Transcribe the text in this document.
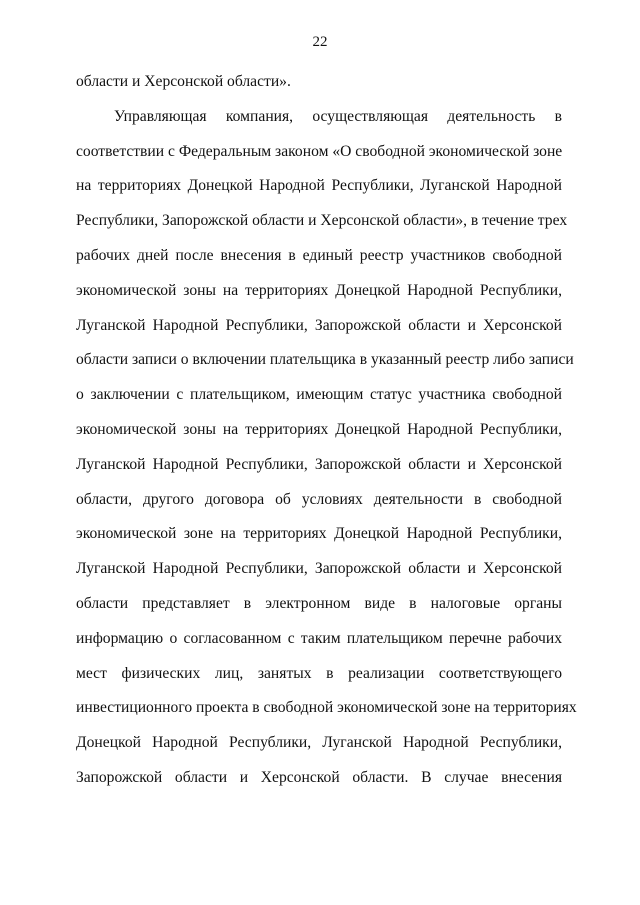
22
области и Херсонской области».
Управляющая компания, осуществляющая деятельность в
соответствии с Федеральным законом «О свободной экономической зоне
на территориях Донецкой Народной Республики, Луганской Народной
Республики, Запорожской области и Херсонской области», в течение трех
рабочих дней после внесения в единый реестр участников свободной
экономической зоны на территориях Донецкой Народной Республики,
Луганской Народной Республики, Запорожской области и Херсонской
области записи о включении плательщика в указанный реестр либо записи
о заключении с плательщиком, имеющим статус участника свободной
экономической зоны на территориях Донецкой Народной Республики,
Луганской Народной Республики, Запорожской области и Херсонской
области, другого договора об условиях деятельности в свободной
экономической зоне на территориях Донецкой Народной Республики,
Луганской Народной Республики, Запорожской области и Херсонской
области представляет в электронном виде в налоговые органы
информацию о согласованном с таким плательщиком перечне рабочих
мест физических лиц, занятых в реализации соответствующего
инвестиционного проекта в свободной экономической зоне на территориях
Донецкой Народной Республики, Луганской Народной Республики,
Запорожской области и Херсонской области. В случае внесения
